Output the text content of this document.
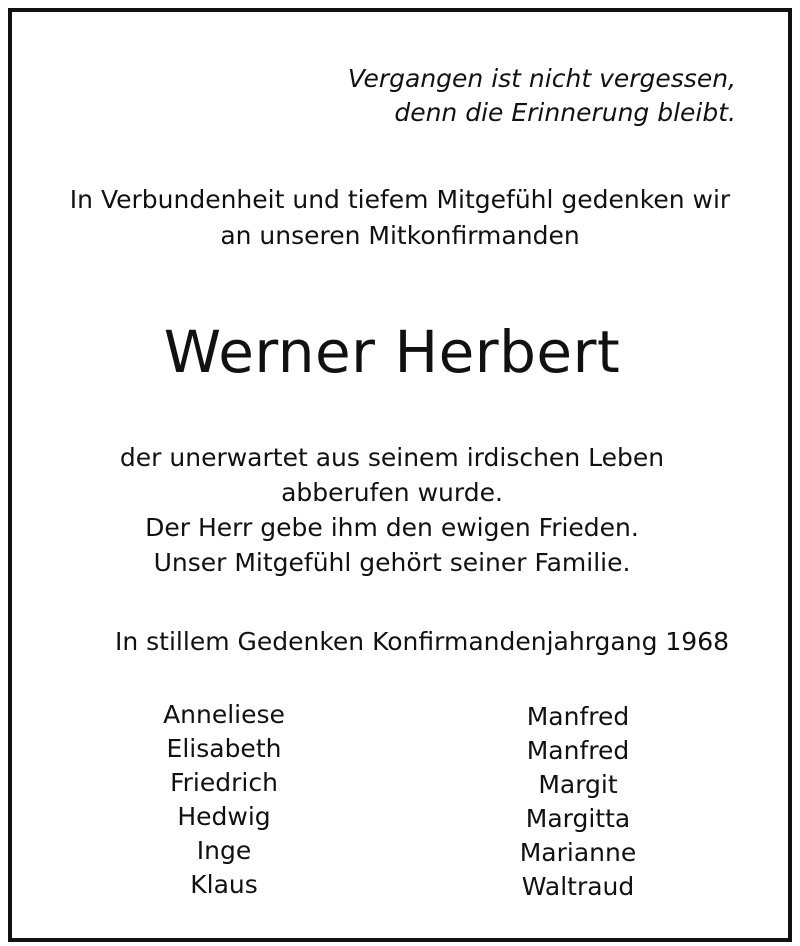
Vergangen ist nicht vergessen,
denn die Erinnerung bleibt.
In Verbundenheit und tiefem Mitgefühl gedenken wir
an unseren Mitkonfirmanden
Werner Herbert
der unerwartet aus seinem irdischen Leben
abberufen wurde.
Der Herr gebe ihm den ewigen Frieden.
Unser Mitgefühl gehört seiner Familie.
In stillem Gedenken Konfirmandenjahrgang 1968
Anneliese
Elisabeth
Friedrich
Hedwig
Inge
Klaus
Manfred
Manfred
Margit
Margitta
Marianne
Waltraud
